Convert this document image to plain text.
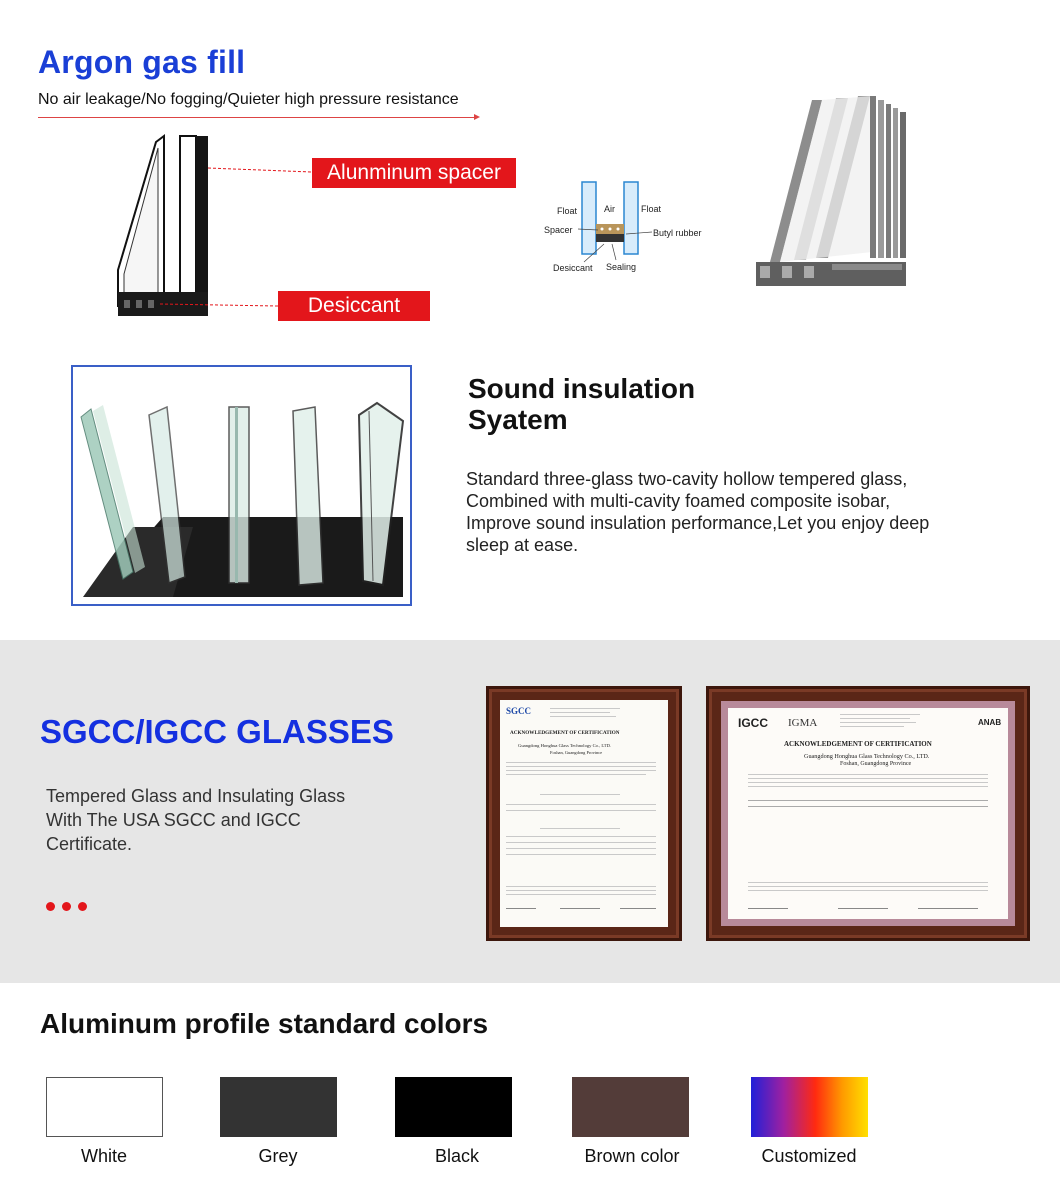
Argon gas fill
No air leakage/No fogging/Quieter high pressure resistance
Alunminum spacer
Desiccant
Float	Air	Float
Spacer	Butyl rubber
Desiccant Sealing
Sound insulation
Syatem
Standard three-glass two-cavity hollow tempered glass,
Combined with multi-cavity foamed composite isobar,
Improve sound insulation performance,Let you enjoy deep
sleep at ease.
SGCC/IGCC GLASSES
Tempered Glass and Insulating Glass
With The USA SGCC and IGCC
Certificate.
SGCC
ACKNOWLEDGEMENT OF CERTIFICATION
Guangdong Honghua Glass Technology Co., LTD.
Foshan, Guangdong Province
IGCC IGMA	ANAB
ACKNOWLEDGEMENT OF CERTIFICATION
Guangdong Honghua Glass Technology Co., LTD.
Foshan, Guangdong Province
Aluminum profile standard colors
White	Grey	Black	Brown color	Customized
